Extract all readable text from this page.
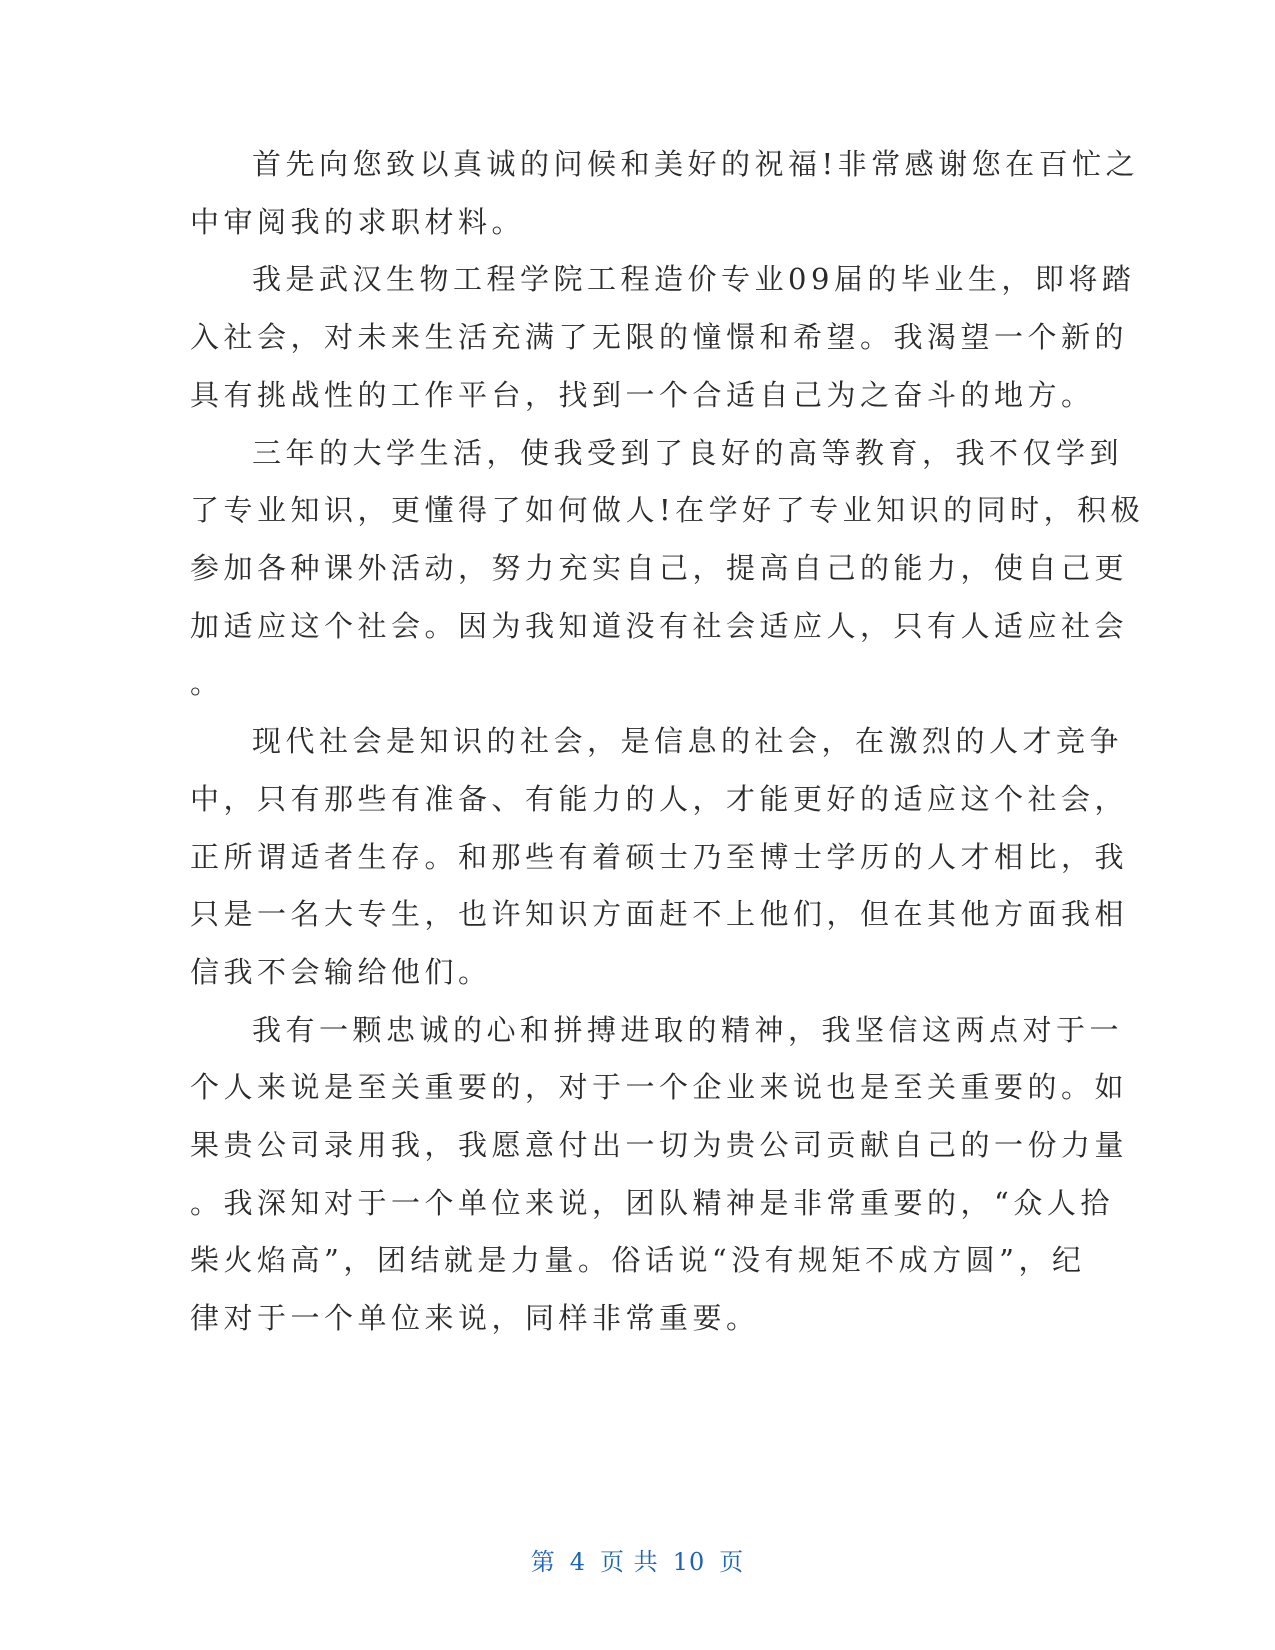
首先向您致以真诚的问候和美好的祝福!非常感谢您在百忙之
中审阅我的求职材料。
我是武汉生物工程学院工程造价专业09届的毕业生，即将踏
入社会，对未来生活充满了无限的憧憬和希望。我渴望一个新的
具有挑战性的工作平台，找到一个合适自己为之奋斗的地方。
三年的大学生活，使我受到了良好的高等教育，我不仅学到
了专业知识，更懂得了如何做人!在学好了专业知识的同时，积极
参加各种课外活动，努力充实自己，提高自己的能力，使自己更
加适应这个社会。因为我知道没有社会适应人，只有人适应社会
。
现代社会是知识的社会，是信息的社会，在激烈的人才竞争
中，只有那些有准备、有能力的人，才能更好的适应这个社会，
正所谓适者生存。和那些有着硕士乃至博士学历的人才相比，我
只是一名大专生，也许知识方面赶不上他们，但在其他方面我相
信我不会输给他们。
我有一颗忠诚的心和拼搏进取的精神，我坚信这两点对于一
个人来说是至关重要的，对于一个企业来说也是至关重要的。如
果贵公司录用我，我愿意付出一切为贵公司贡献自己的一份力量
。我深知对于一个单位来说，团队精神是非常重要的，“众人拾
柴火焰高”，团结就是力量。俗话说“没有规矩不成方圆”，纪
律对于一个单位来说，同样非常重要。
第 4 页 共 10 页
